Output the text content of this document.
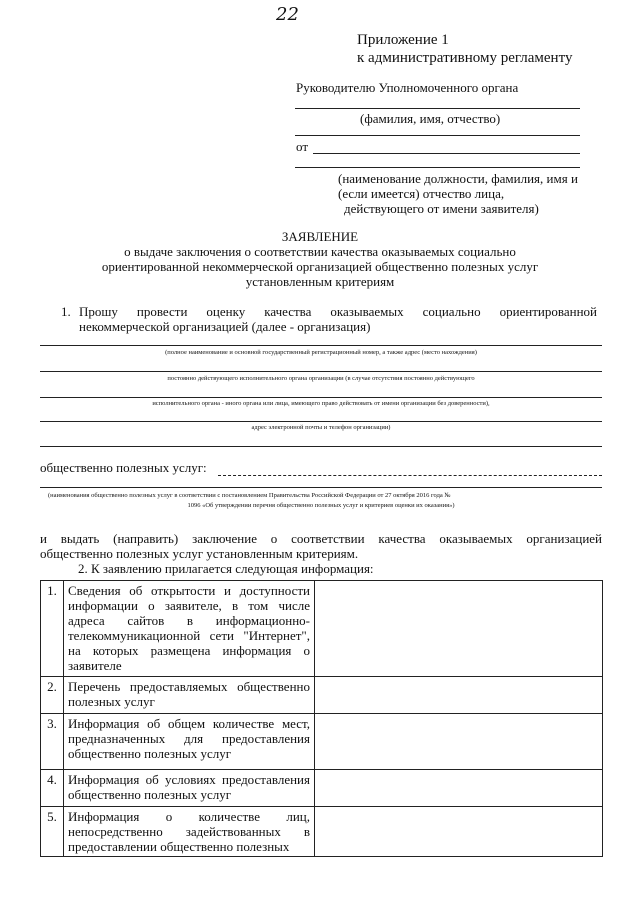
22
Приложение 1
к административному регламенту
Руководителю Уполномоченного органа
(фамилия, имя, отчество)
от
(наименование должности, фамилия, имя и
(если имеется) отчество лица,
действующего от имени заявителя)
ЗАЯВЛЕНИЕ
о выдаче заключения о соответствии качества оказываемых социально
ориентированной некоммерческой организацией общественно полезных услуг
установленным критериям
1. Прошу провести оценку качества оказываемых социально ориентированной
некоммерческой организацией (далее - организация)
(полное наименование и основной государственный регистрационный номер, а также адрес (место нахождения)
постоянно действующего исполнительного органа организации (в случае отсутствия постоянно действующего
исполнительного органа - иного органа или лица, имеющего право действовать от имени организации без доверенности),
адрес электронной почты и телефон организации)
общественно полезных услуг:
(наименования общественно полезных услуг в соответствии с постановлением Правительства Российской Федерации от 27 октября 2016 года №
1096 «Об утверждении перечня общественно полезных услуг и критериев оценки их оказания»)
и выдать (направить) заключение о соответствии качества оказываемых организацией
общественно полезных услуг установленным критериям.
2. К заявлению прилагается следующая информация:
1.	Сведения об открытости и доступности информации о заявителе, в том числе адреса сайтов в информационно-телекоммуникационной сети "Интернет", на которых размещена информация о заявителе	
2.	Перечень предоставляемых общественно полезных услуг	
3.	Информация об общем количестве мест, предназначенных для предоставления общественно полезных услуг	
4.	Информация об условиях предоставления общественно полезных услуг	
5.	Информация о количестве лиц, непосредственно задействованных в предоставлении общественно полезных	
